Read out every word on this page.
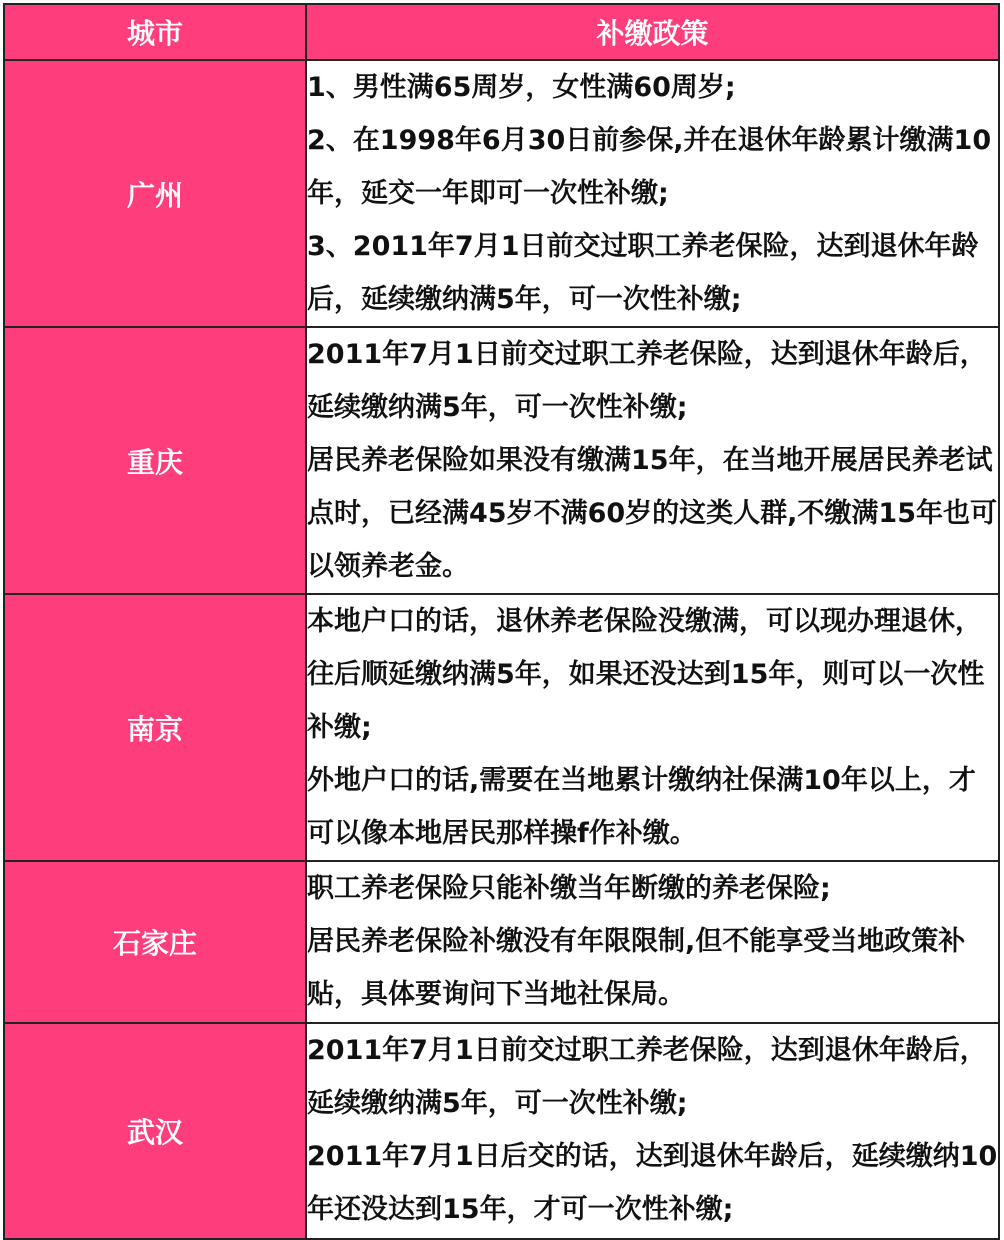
城市	补缴政策
广州	1、男性满65周岁，女性满60周岁;
2、在1998年6月30日前参保,并在退休年龄累计缴满10年，延交一年即可一次性补缴;
3、2011年7月1日前交过职工养老保险，达到退休年龄后，延续缴纳满5年，可一次性补缴;

重庆	2011年7月1日前交过职工养老保险，达到退休年龄后，延续缴纳满5年，可一次性补缴;
居民养老保险如果没有缴满15年，在当地开展居民养老试点时，已经满45岁不满60岁的这类人群,不缴满15年也可以领养老金。

南京	本地户口的话，退休养老保险没缴满，可以现办理退休，往后顺延缴纳满5年，如果还没达到15年，则可以一次性补缴;
外地户口的话,需要在当地累计缴纳社保满10年以上，才可以像本地居民那样操f作补缴。

石家庄	职工养老保险只能补缴当年断缴的养老保险;
居民养老保险补缴没有年限限制,但不能享受当地政策补贴，具体要询问下当地社保局。

武汉	2011年7月1日前交过职工养老保险，达到退休年龄后，延续缴纳满5年，可一次性补缴;
2011年7月1日后交的话，达到退休年龄后，延续缴纳10年还没达到15年，才可一次性补缴;
